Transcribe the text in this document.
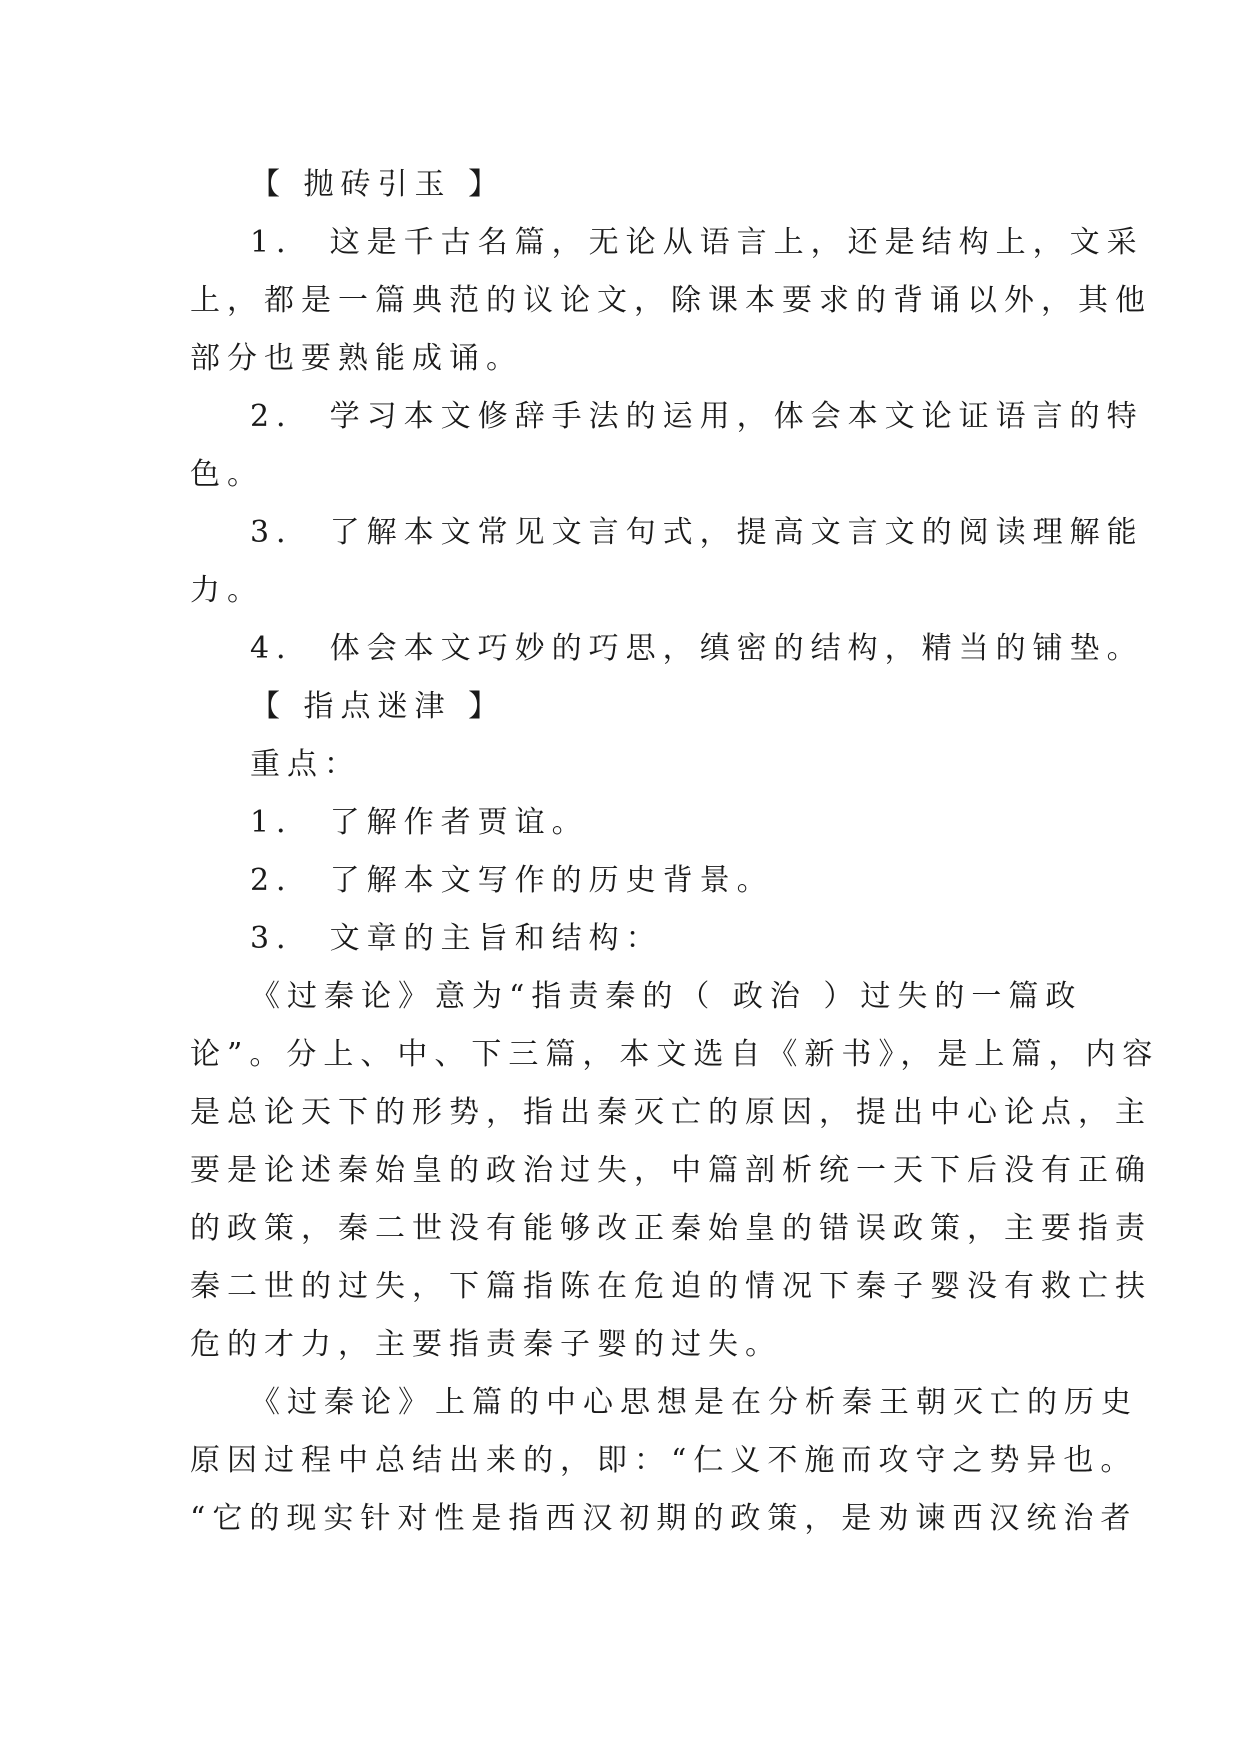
【 抛砖引玉 】

1． 这是千古名篇，无论从语言上，还是结构上，文采

上，都是一篇典范的议论文，除课本要求的背诵以外，其他

部分也要熟能成诵。

2． 学习本文修辞手法的运用，体会本文论证语言的特

色。

3． 了解本文常见文言句式，提高文言文的阅读理解能

力。

4． 体会本文巧妙的巧思，缜密的结构，精当的铺垫。

【 指点迷津 】

重点：

1． 了解作者贾谊。

2． 了解本文写作的历史背景。

3． 文章的主旨和结构：

《过秦论》意为“指责秦的（ 政治 ）过失的一篇政

论”。分上、中、下三篇，本文选自《新书》，是上篇，内容

是总论天下的形势，指出秦灭亡的原因，提出中心论点，主

要是论述秦始皇的政治过失，中篇剖析统一天下后没有正确

的政策，秦二世没有能够改正秦始皇的错误政策，主要指责

秦二世的过失，下篇指陈在危迫的情况下秦子婴没有救亡扶

危的才力，主要指责秦子婴的过失。

《过秦论》上篇的中心思想是在分析秦王朝灭亡的历史

原因过程中总结出来的，即：“仁义不施而攻守之势异也。

“它的现实针对性是指西汉初期的政策，是劝谏西汉统治者
